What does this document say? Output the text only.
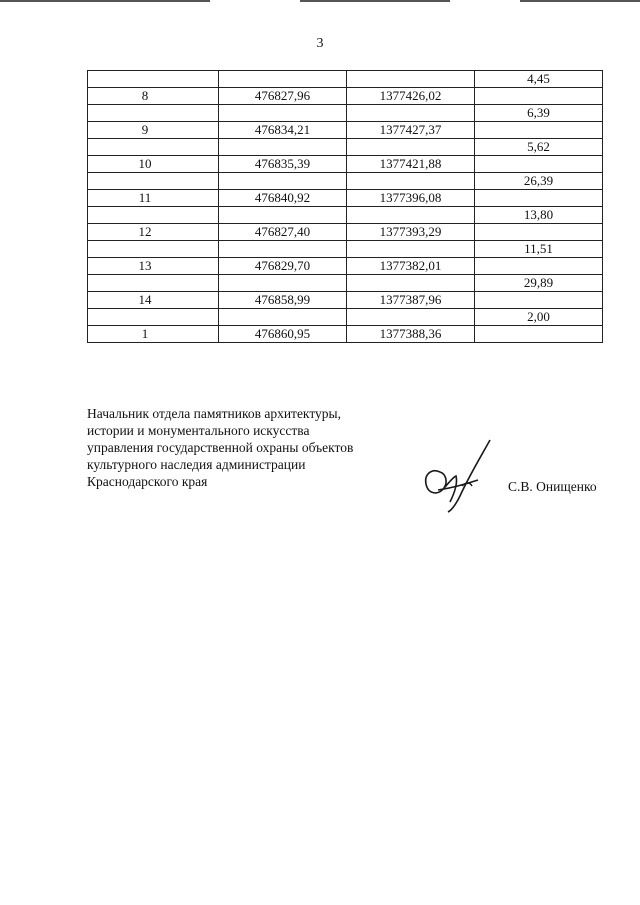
3
			4,45
8	476827,96	1377426,02	
			6,39
9	476834,21	1377427,37	
			5,62
10	476835,39	1377421,88	
			26,39
11	476840,92	1377396,08	
			13,80
12	476827,40	1377393,29	
			11,51
13	476829,70	1377382,01	
			29,89
14	476858,99	1377387,96	
			2,00
1	476860,95	1377388,36	
Начальник отдела памятников архитектуры,
истории и монументального искусства
управления государственной охраны объектов
культурного наследия администрации
Краснодарского края	С.В. Онищенко
